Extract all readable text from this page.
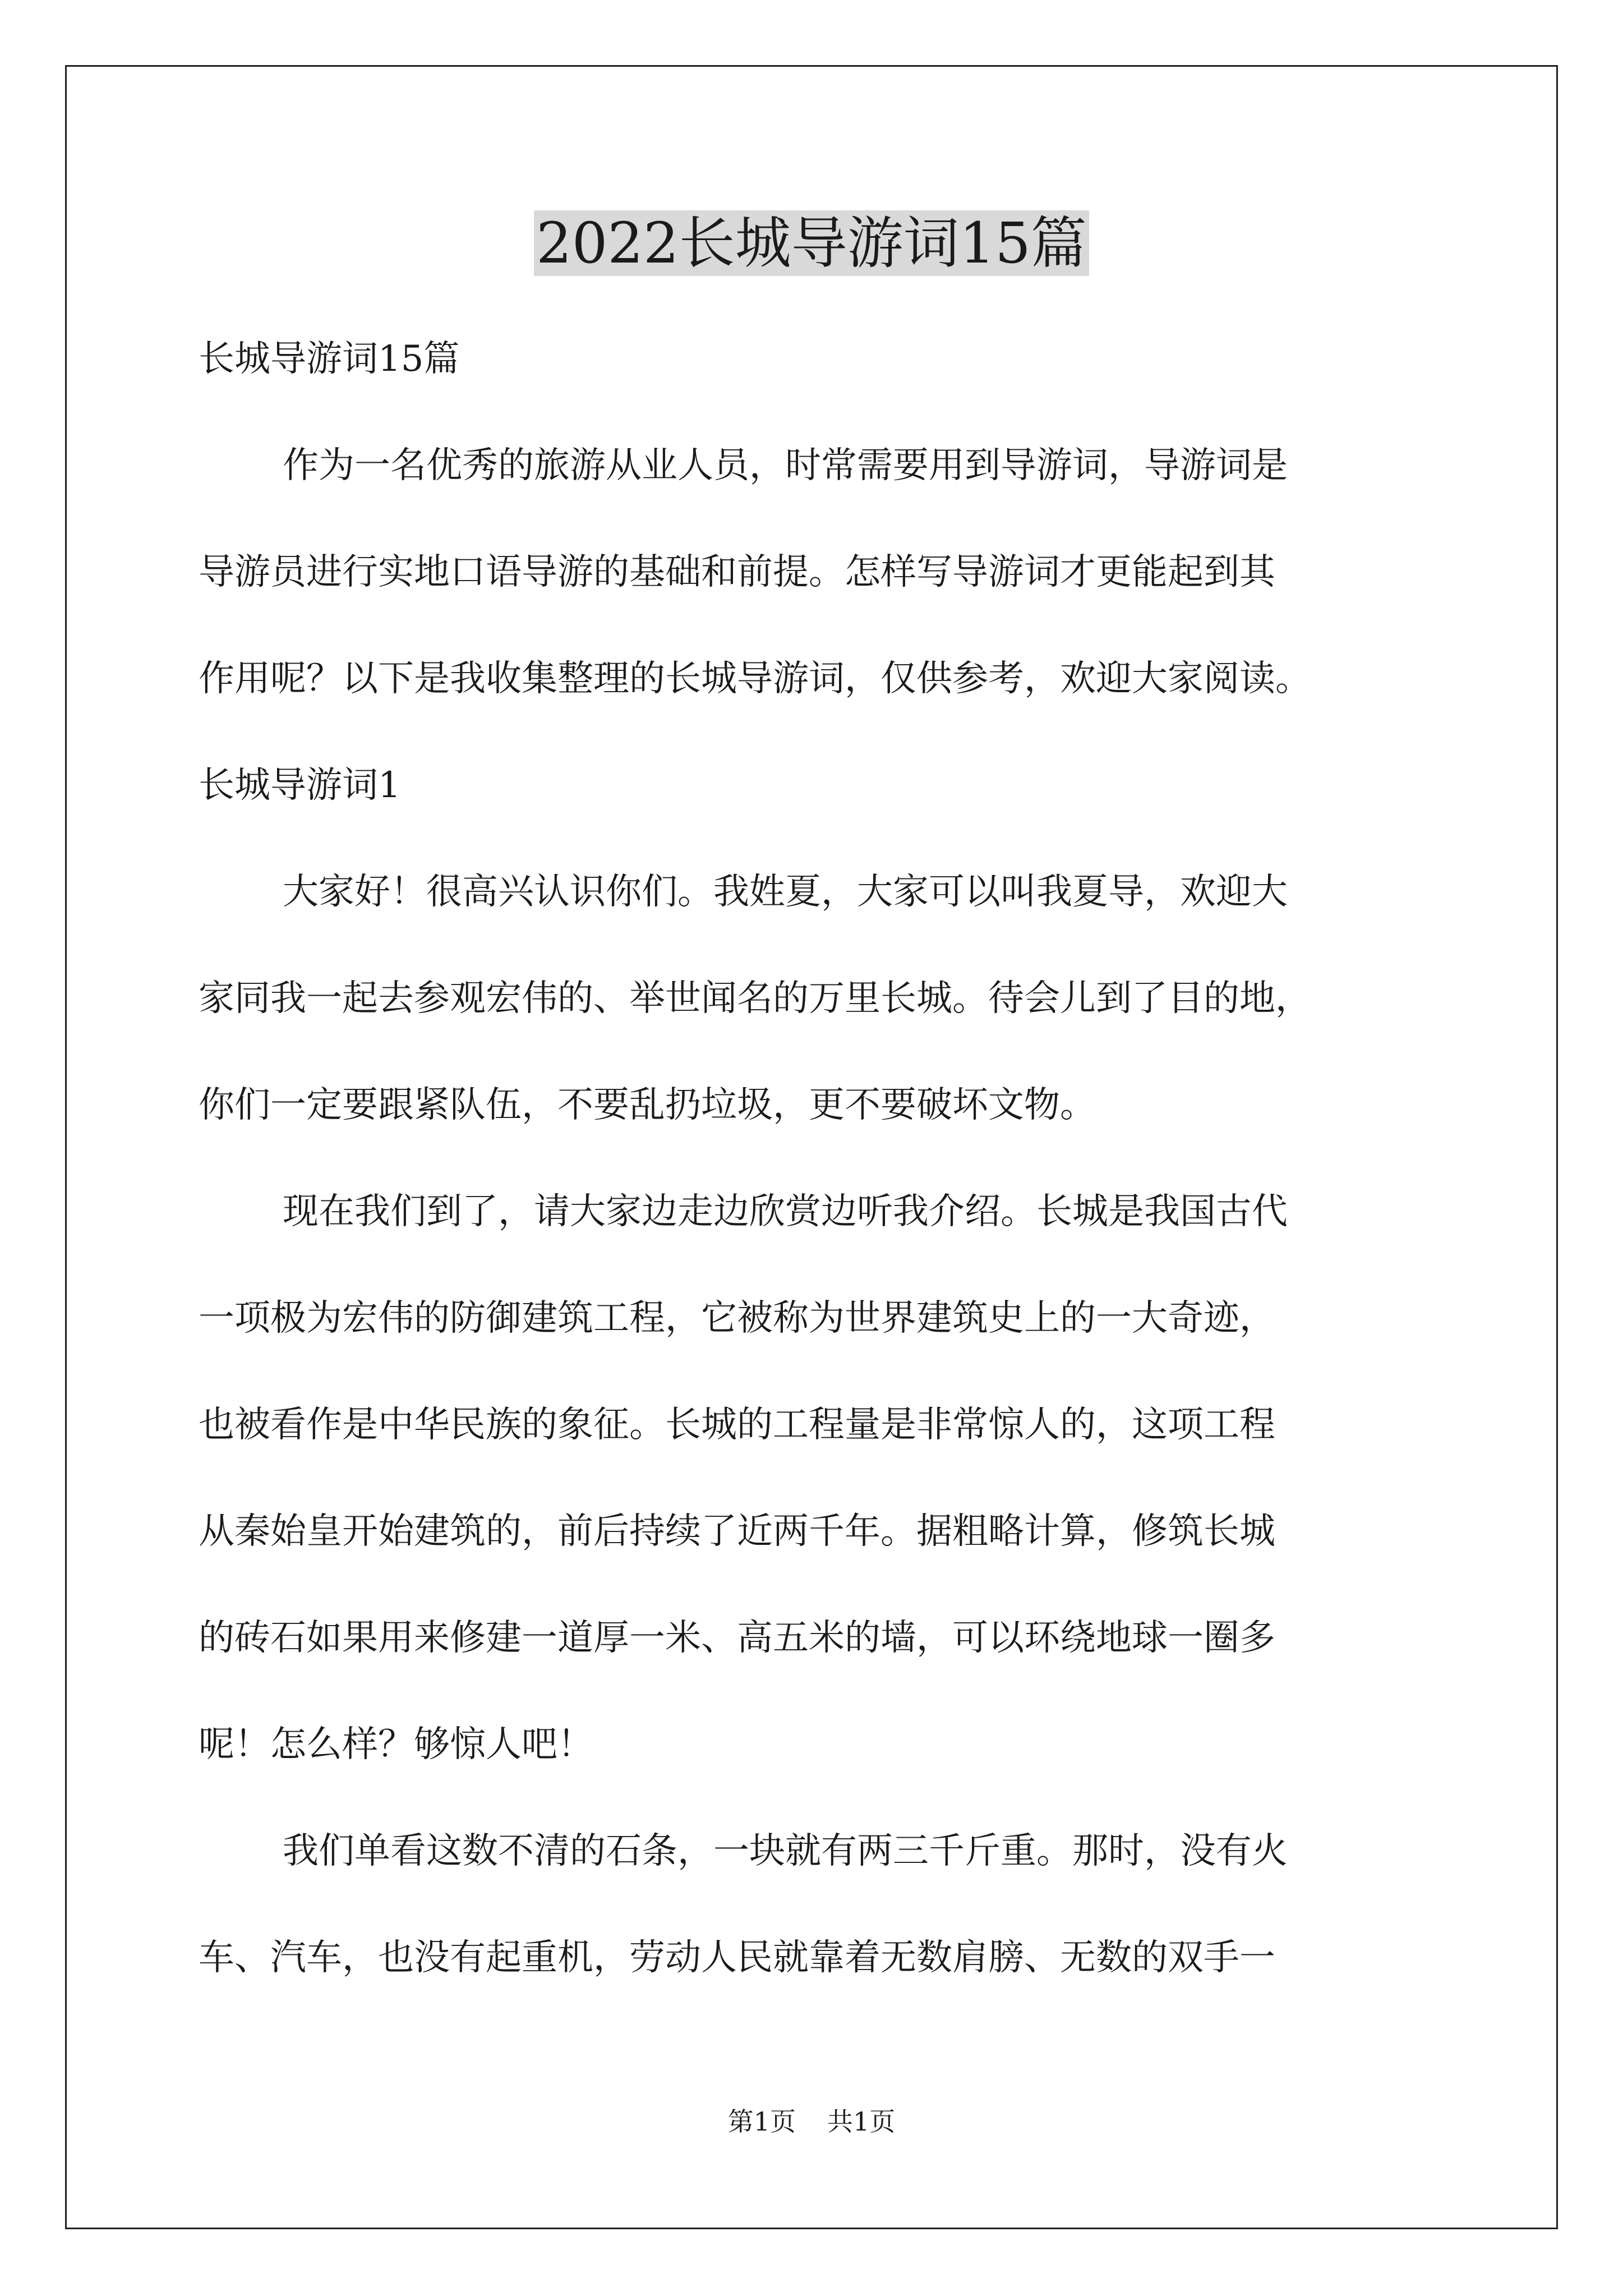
2022长城导游词15篇
长城导游词15篇
作为一名优秀的旅游从业人员，时常需要用到导游词，导游词是
导游员进行实地口语导游的基础和前提。怎样写导游词才更能起到其
作用呢？以下是我收集整理的长城导游词，仅供参考，欢迎大家阅读。
长城导游词1
大家好！很高兴认识你们。我姓夏，大家可以叫我夏导，欢迎大
家同我一起去参观宏伟的、举世闻名的万里长城。待会儿到了目的地，
你们一定要跟紧队伍，不要乱扔垃圾，更不要破坏文物。
现在我们到了，请大家边走边欣赏边听我介绍。长城是我国古代
一项极为宏伟的防御建筑工程，它被称为世界建筑史上的一大奇迹，
也被看作是中华民族的象征。长城的工程量是非常惊人的，这项工程
从秦始皇开始建筑的，前后持续了近两千年。据粗略计算，修筑长城
的砖石如果用来修建一道厚一米、高五米的墙，可以环绕地球一圈多
呢！怎么样？够惊人吧！
我们单看这数不清的石条，一块就有两三千斤重。那时，没有火
车、汽车，也没有起重机，劳动人民就靠着无数肩膀、无数的双手一
第1页 共1页
